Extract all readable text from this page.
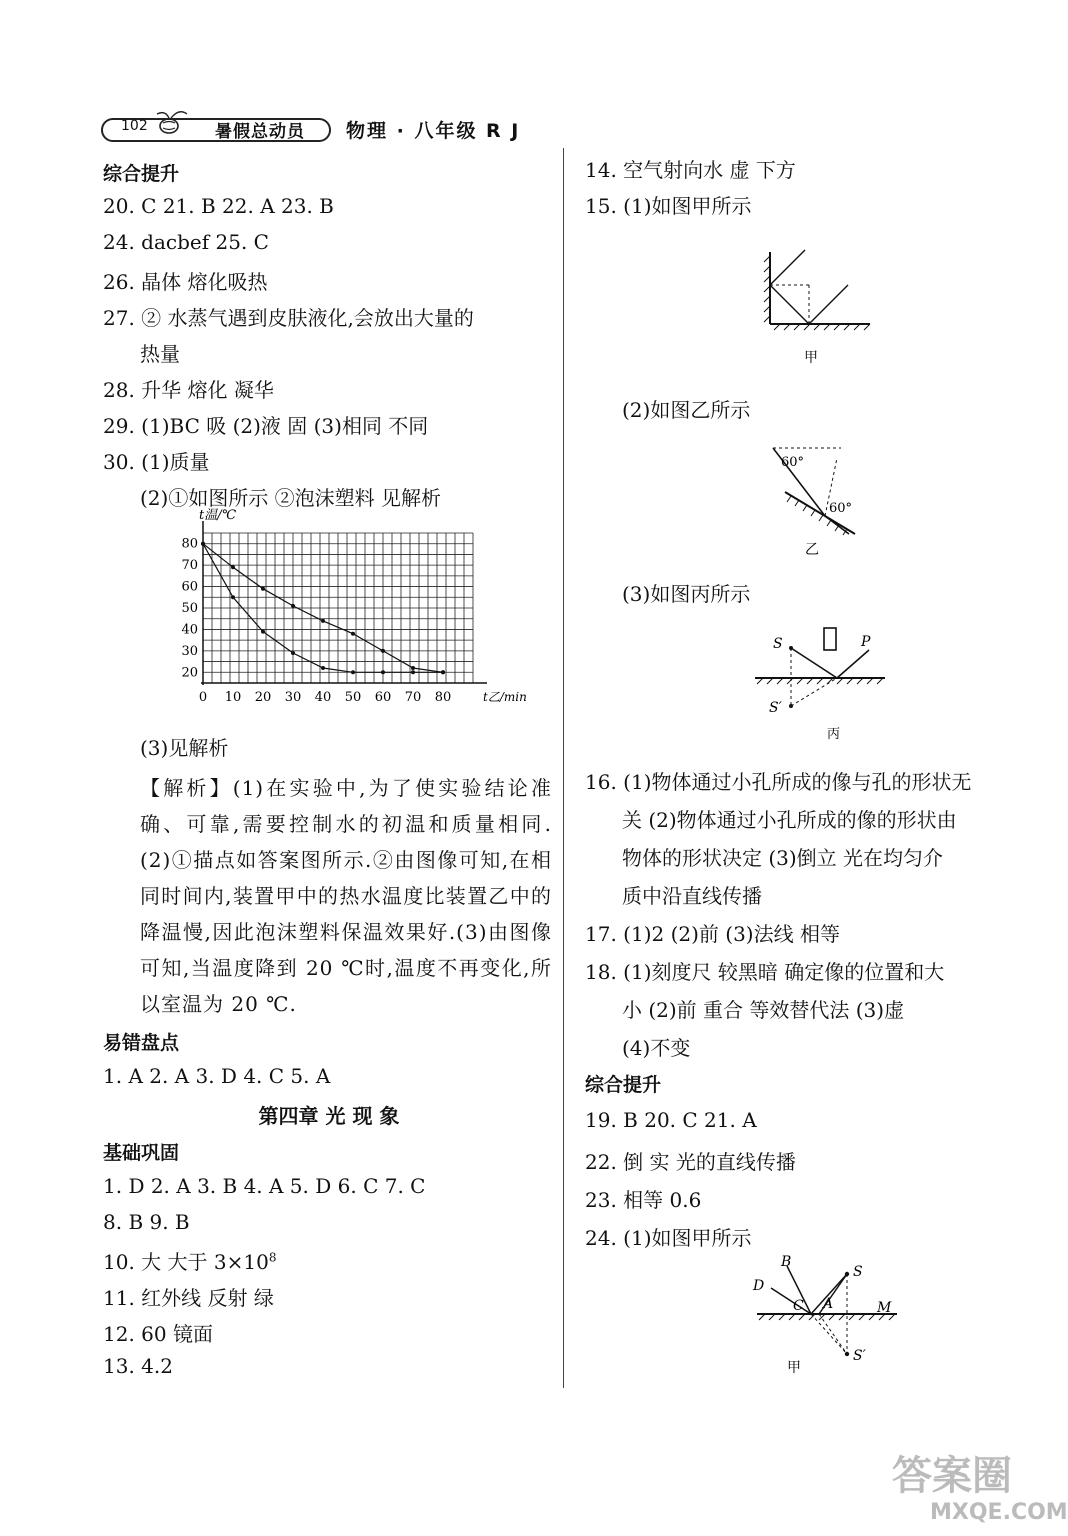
102	暑假总动员 物理 · 八年级 R J
综合提升
20. C 21. B 22. A 23. B
24. dacbef 25. C
26. 晶体 熔化吸热
27. ② 水蒸气遇到皮肤液化,会放出大量的
热量
28. 升华 熔化 凝华
29. (1)BC 吸 (2)液 固 (3)相同 不同
30. (1)质量
(2)①如图所示 ②泡沫塑料 见解析
20
30
40
50
60
70
80
0 10 20 30 40 50 60 70 80
t温/℃
t乙/min
(3)见解析
【解析】(1)在实验中,为了使实验结论准确、可靠,需要控制水的初温和质量相同.(2)①描点如答案图所示.②由图像可知,在相同时间内,装置甲中的热水温度比装置乙中的降温慢,因此泡沫塑料保温效果好.(3)由图像可知,当温度降到 20 ℃时,温度不再变化,所以室温为 20 ℃.
易错盘点
1. A 2. A 3. D 4. C 5. A
第四章 光 现 象
基础巩固
1. D 2. A 3. B 4. A 5. D 6. C 7. C
8. B 9. B
10. 大 大于 $3\times 10^8$
11. 红外线 反射 绿
12. 60 镜面
13. 4.2
14. 空气射向水 虚 下方
15. (1)如图甲所示
甲
(2)如图乙所示
60°
60°
乙
(3)如图丙所示
S	P
S′
丙
16. (1)物体通过小孔所成的像与孔的形状无
关 (2)物体通过小孔所成的像的形状由
物体的形状决定 (3)倒立 光在均匀介
质中沿直线传播
17. (1)2 (2)前 (3)法线 相等
18. (1)刻度尺 较黑暗 确定像的位置和大
小 (2)前 重合 等效替代法 (3)虚
(4)不变
综合提升
19. B 20. C 21. A
22. 倒 实 光的直线传播
23. 相等 0.6
24. (1)如图甲所示
B
D
C A
S
M
S′
甲
答案圈
MXQE.COM
